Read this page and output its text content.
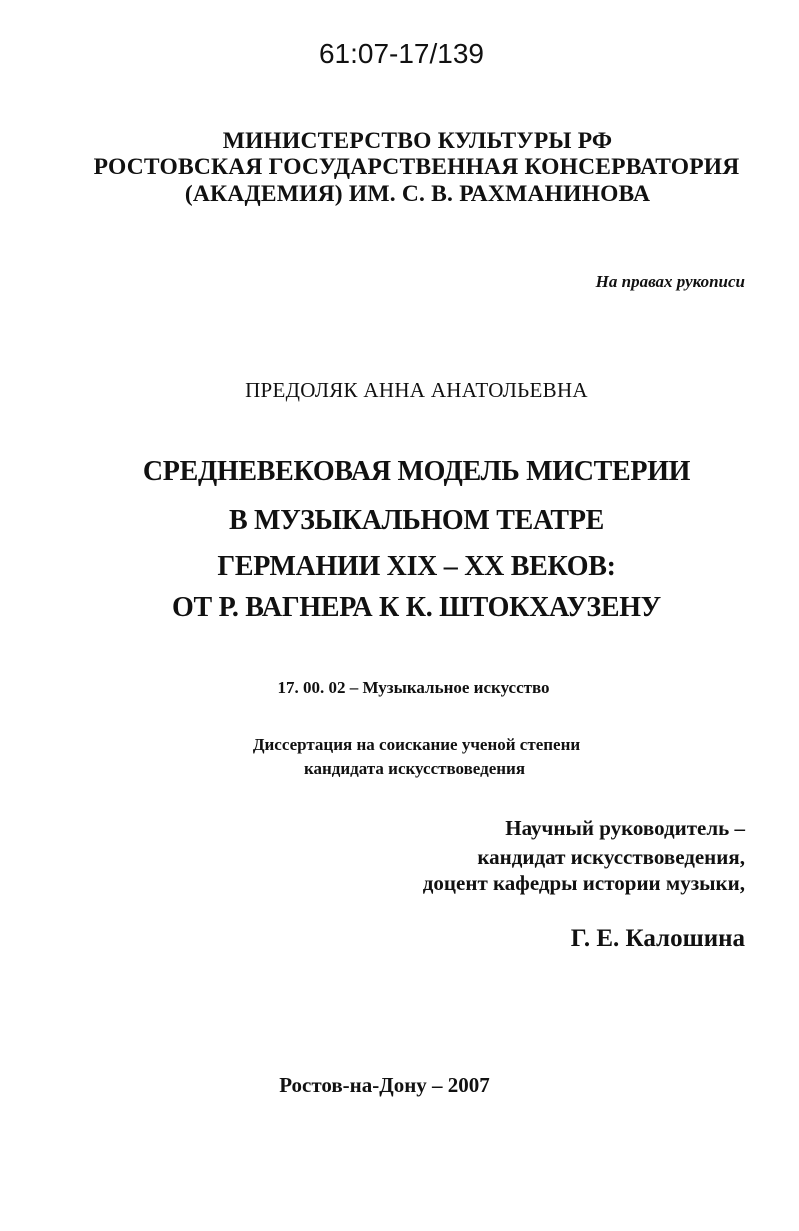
61:07-17/139

МИНИСТЕРСТВО КУЛЬТУРЫ РФ

РОСТОВСКАЯ ГОСУДАРСТВЕННАЯ КОНСЕРВАТОРИЯ

(АКАДЕМИЯ) ИМ. С. В. РАХМАНИНОВА

На правах рукописи

ПРЕДОЛЯК АННА АНАТОЛЬЕВНА

СРЕДНЕВЕКОВАЯ МОДЕЛЬ МИСТЕРИИ

В МУЗЫКАЛЬНОМ ТЕАТРЕ

ГЕРМАНИИ XIX – XX ВЕКОВ:

ОТ Р. ВАГНЕРА К К. ШТОКХАУЗЕНУ

17. 00. 02 – Музыкальное искусство

Диссертация на соискание ученой степени

кандидата искусствоведения

Научный руководитель –

кандидат искусствоведения,

доцент кафедры истории музыки,

Г. Е. Калошина

Ростов-на-Дону – 2007
